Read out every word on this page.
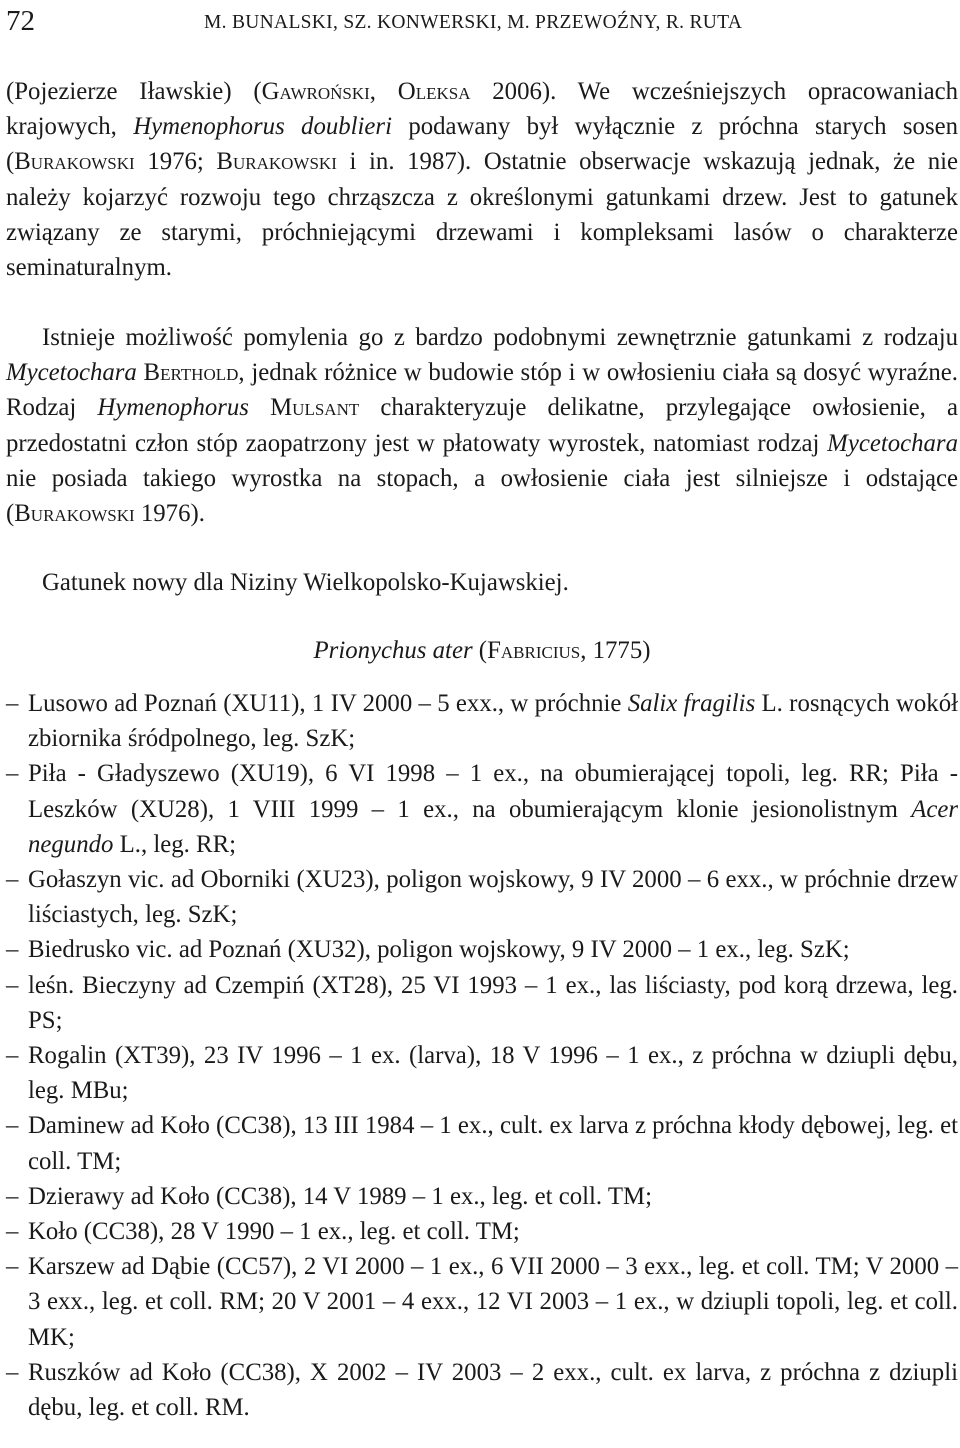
72	M. BUNALSKI, SZ. KONWERSKI, M. PRZEWOŹNY, R. RUTA

(Pojezierze Iławskie) (Gawroński, Oleksa 2006). We wcześniejszych opracowaniach krajowych, Hymenophorus doublieri podawany był wyłącznie z próchna starych sosen (Burakowski 1976; Burakowski i in. 1987). Ostatnie obserwacje wskazują jednak, że nie należy kojarzyć rozwoju tego chrząszcza z określonymi gatunkami drzew. Jest to gatunek związany ze starymi, próchniejącymi drzewami i kompleksami lasów o charakterze seminaturalnym.

Istnieje możliwość pomylenia go z bardzo podobnymi zewnętrznie gatunkami z rodzaju Mycetochara Berthold, jednak różnice w budowie stóp i w owłosieniu ciała są dosyć wyraźne. Rodzaj Hymenophorus Mulsant charakteryzuje delikatne, przylegające owłosienie, a przedostatni człon stóp zaopatrzony jest w płatowaty wyrostek, natomiast rodzaj Mycetochara nie posiada takiego wyrostka na stopach, a owłosienie ciała jest silniejsze i odstające (Burakowski 1976).

Gatunek nowy dla Niziny Wielkopolsko-Kujawskiej.

Prionychus ater (Fabricius, 1775)

– Lusowo ad Poznań (XU11), 1 IV 2000 – 5 exx., w próchnie Salix fragilis L. rosnących wokół zbiornika śródpolnego, leg. SzK;
– Piła - Gładyszewo (XU19), 6 VI 1998 – 1 ex., na obumierającej topoli, leg. RR; Piła - Leszków (XU28), 1 VIII 1999 – 1 ex., na obumierającym klonie jesionolistnym Acer negundo L., leg. RR;
– Gołaszyn vic. ad Oborniki (XU23), poligon wojskowy, 9 IV 2000 – 6 exx., w próchnie drzew liściastych, leg. SzK;
– Biedrusko vic. ad Poznań (XU32), poligon wojskowy, 9 IV 2000 – 1 ex., leg. SzK;
– leśn. Bieczyny ad Czempiń (XT28), 25 VI 1993 – 1 ex., las liściasty, pod korą drzewa, leg. PS;
– Rogalin (XT39), 23 IV 1996 – 1 ex. (larva), 18 V 1996 – 1 ex., z próchna w dziupli dębu, leg. MBu;
– Daminew ad Koło (CC38), 13 III 1984 – 1 ex., cult. ex larva z próchna kłody dębowej, leg. et coll. TM;
– Dzierawy ad Koło (CC38), 14 V 1989 – 1 ex., leg. et coll. TM;
– Koło (CC38), 28 V 1990 – 1 ex., leg. et coll. TM;
– Karszew ad Dąbie (CC57), 2 VI 2000 – 1 ex., 6 VII 2000 – 3 exx., leg. et coll. TM; V 2000 – 3 exx., leg. et coll. RM; 20 V 2001 – 4 exx., 12 VI 2003 – 1 ex., w dziupli topoli, leg. et coll. MK;
– Ruszków ad Koło (CC38), X 2002 – IV 2003 – 2 exx., cult. ex larva, z próchna z dziupli dębu, leg. et coll. RM.
